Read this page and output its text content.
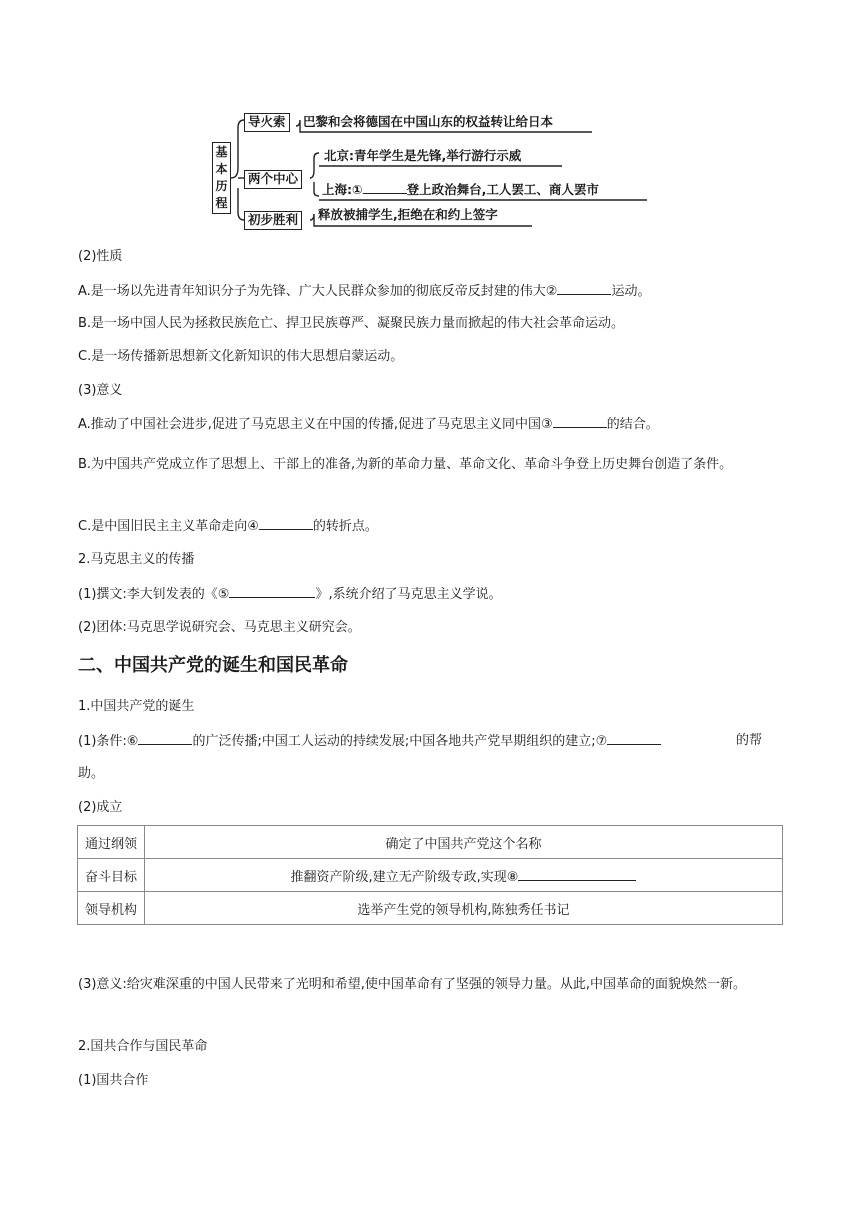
基本历程
导火索	巴黎和会将德国在中国山东的权益转让给日本
两个中心
北京:青年学生是先锋,举行游行示威
上海:①	登上政治舞台,工人罢工、商人罢市
初步胜利	释放被捕学生,拒绝在和约上签字
(2)性质
A.是一场以先进青年知识分子为先锋、广大人民群众参加的彻底反帝反封建的伟大②	运动。
B.是一场中国人民为拯救民族危亡、捍卫民族尊严、凝聚民族力量而掀起的伟大社会革命运动。
C.是一场传播新思想新文化新知识的伟大思想启蒙运动。
(3)意义
A.推动了中国社会进步,促进了马克思主义在中国的传播,促进了马克思主义同中国③	的结合。
B.为中国共产党成立作了思想上、干部上的准备,为新的革命力量、革命文化、革命斗争登上历史舞台创造了条件。
C.是中国旧民主主义革命走向④	的转折点。
2.马克思主义的传播
(1)撰文:李大钊发表的《⑤	》,系统介绍了马克思主义学说。
(2)团体:马克思学说研究会、马克思主义研究会。
二、中国共产党的诞生和国民革命
1.中国共产党的诞生
(1)条件:⑥	的广泛传播;中国工人运动的持续发展;中国各地共产党早期组织的建立;⑦	的帮
助。
(2)成立
通过纲领	确定了中国共产党这个名称
奋斗目标	推翻资产阶级,建立无产阶级专政,实现⑧
领导机构	选举产生党的领导机构,陈独秀任书记
(3)意义:给灾难深重的中国人民带来了光明和希望,使中国革命有了坚强的领导力量。从此,中国革命的面貌焕然一新。
2.国共合作与国民革命
(1)国共合作
